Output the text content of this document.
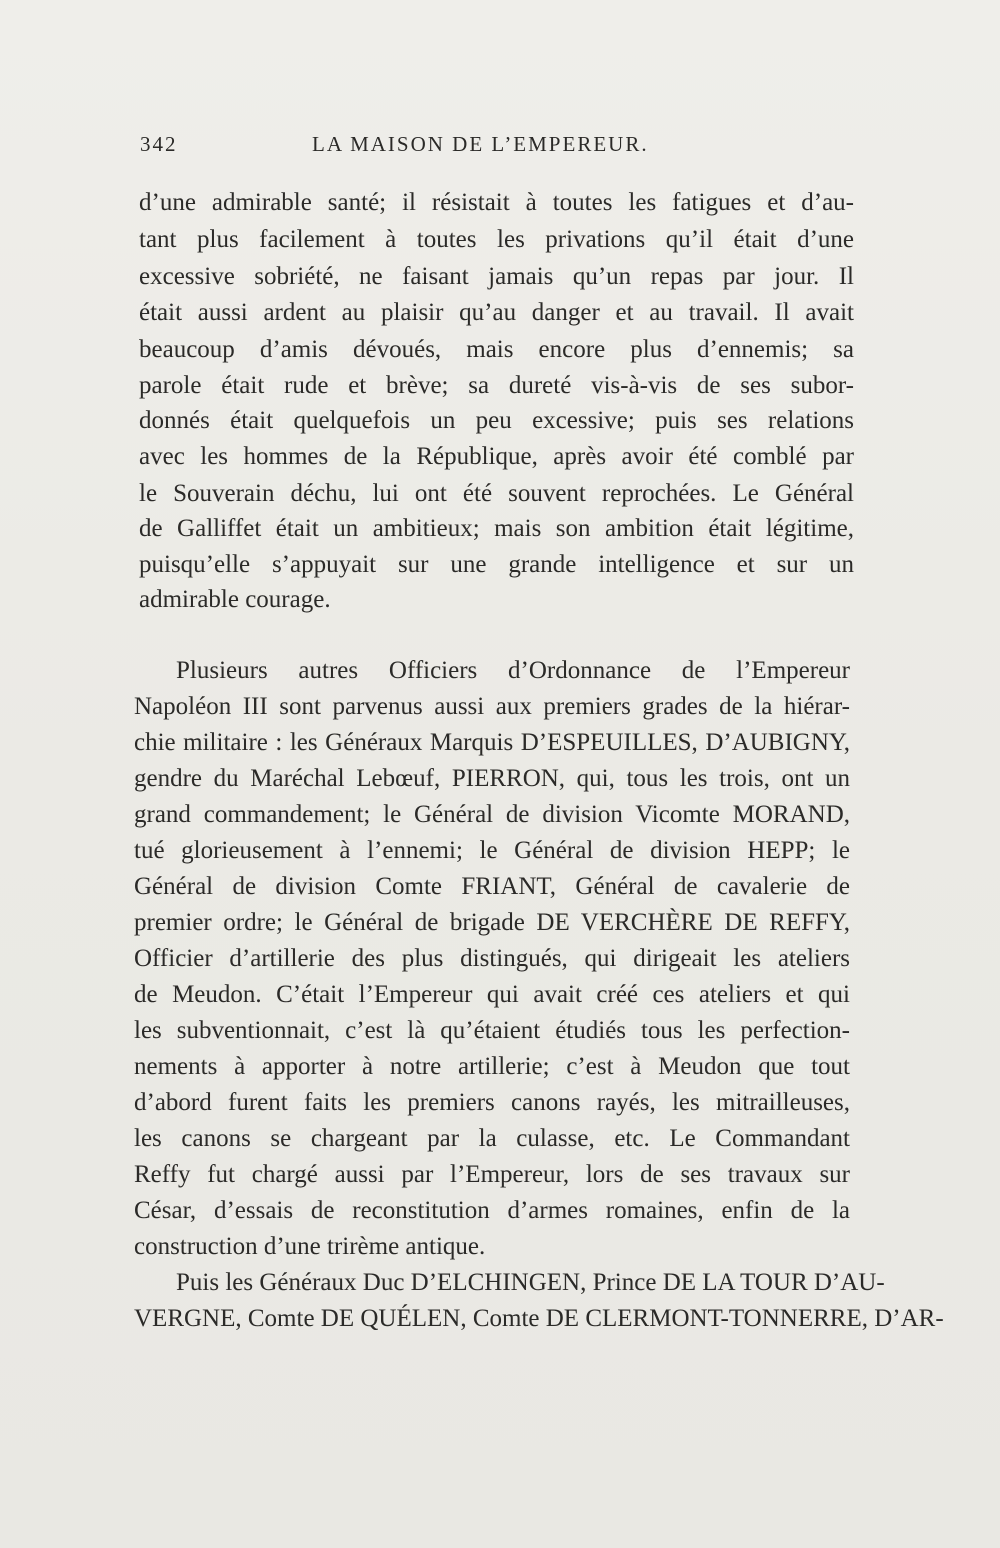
342	LA MAISON DE L’EMPEREUR.
d’une admirable santé; il résistait à toutes les fatigues et d’au-
tant plus facilement à toutes les privations qu’il était d’une
excessive sobriété, ne faisant jamais qu’un repas par jour. Il
était aussi ardent au plaisir qu’au danger et au travail. Il avait
beaucoup d’amis dévoués, mais encore plus d’ennemis; sa
parole était rude et brève; sa dureté vis-à-vis de ses subor-
donnés était quelquefois un peu excessive; puis ses relations
avec les hommes de la République, après avoir été comblé par
le Souverain déchu, lui ont été souvent reprochées. Le Général
de Galliffet était un ambitieux; mais son ambition était légitime,
puisqu’elle s’appuyait sur une grande intelligence et sur un
admirable courage.
Plusieurs autres Officiers d’Ordonnance de l’Empereur
Napoléon III sont parvenus aussi aux premiers grades de la hiérar-
chie militaire : les Généraux Marquis D’ESPEUILLES, D’AUBIGNY,
gendre du Maréchal Lebœuf, PIERRON, qui, tous les trois, ont un
grand commandement; le Général de division Vicomte MORAND,
tué glorieusement à l’ennemi; le Général de division HEPP; le
Général de division Comte FRIANT, Général de cavalerie de
premier ordre; le Général de brigade DE VERCHÈRE DE REFFY,
Officier d’artillerie des plus distingués, qui dirigeait les ateliers
de Meudon. C’était l’Empereur qui avait créé ces ateliers et qui
les subventionnait, c’est là qu’étaient étudiés tous les perfection-
nements à apporter à notre artillerie; c’est à Meudon que tout
d’abord furent faits les premiers canons rayés, les mitrailleuses,
les canons se chargeant par la culasse, etc. Le Commandant
Reffy fut chargé aussi par l’Empereur, lors de ses travaux sur
César, d’essais de reconstitution d’armes romaines, enfin de la
construction d’une trirème antique.
Puis les Généraux Duc D’ELCHINGEN, Prince DE LA TOUR D’AU-
VERGNE, Comte DE QUÉLEN, Comte DE CLERMONT-TONNERRE, D’AR-
